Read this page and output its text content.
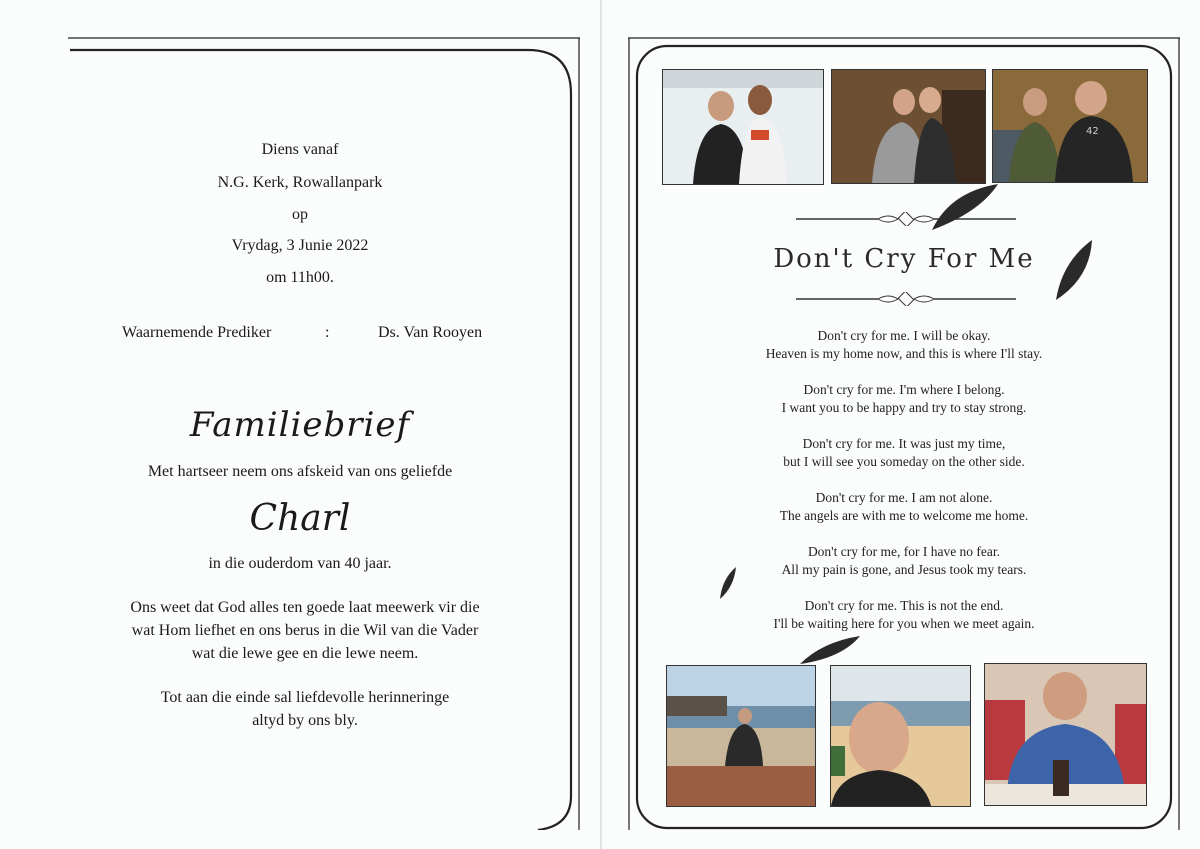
Diens vanaf
N.G. Kerk, Rowallanpark
op
Vrydag, 3 Junie 2022
om 11h00.
Waarnemende Prediker	:	Ds. Van Rooyen
Familiebrief
Met hartseer neem ons afskeid van ons geliefde
Charl
in die ouderdom van 40 jaar.
Ons weet dat God alles ten goede laat meewerk vir die
wat Hom liefhet en ons berus in die Wil van die Vader
wat die lewe gee en die lewe neem.
Tot aan die einde sal liefdevolle herinneringe
altyd by ons bly.
42
Don't Cry For Me
Don't cry for me. I will be okay.
Heaven is my home now, and this is where I'll stay.
Don't cry for me. I'm where I belong.
I want you to be happy and try to stay strong.
Don't cry for me. It was just my time,
but I will see you someday on the other side.
Don't cry for me. I am not alone.
The angels are with me to welcome me home.
Don't cry for me, for I have no fear.
All my pain is gone, and Jesus took my tears.
Don't cry for me. This is not the end.
I'll be waiting here for you when we meet again.
